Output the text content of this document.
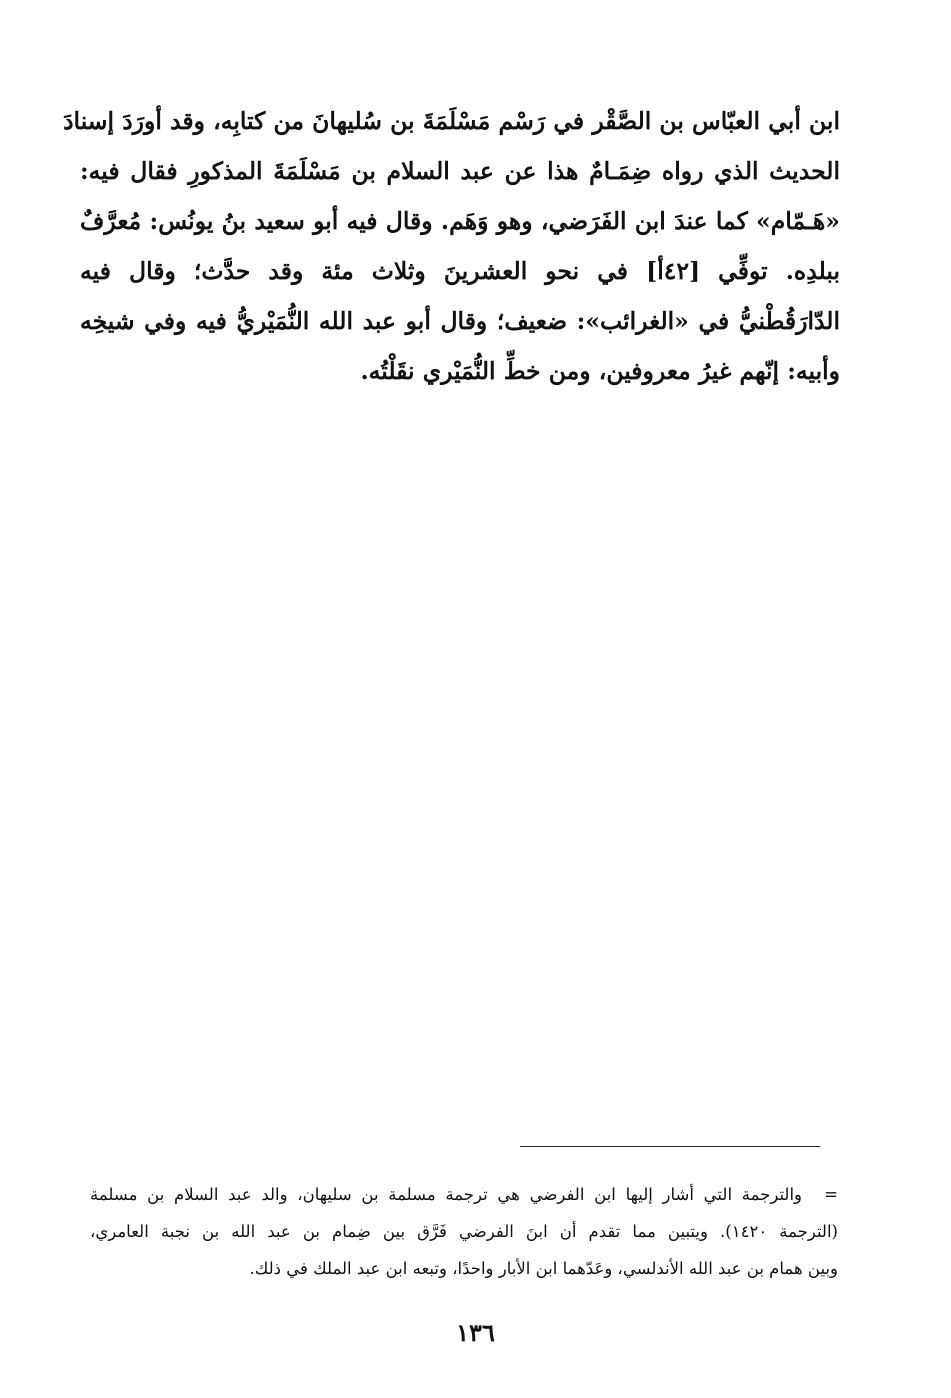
ابن أبي العبّاس بن الصَّقْر في رَسْم مَسْلَمَةَ بن سُليهانَ من كتابِه، وقد أورَدَ إسنادَ
الحديث الذي رواه ضِمَـامٌ هذا عن عبد السلام بن مَسْلَمَةَ المذكورِ فقال فيه:
«هَـمّام» كما عندَ ابن الفَرَضي، وهو وَهَم. وقال فيه أبو سعيد بنُ يونُس: مُعرَّفٌ
ببلدِه. توفِّي [٤٢أ] في نحو العشرينَ وثلاث مئة وقد حدَّث؛ وقال فيه
الدّارَقُطْنيُّ في «الغرائب»: ضعيف؛ وقال أبو عبد الله النُّمَيْريُّ فيه وفي شيخِه
وأبيه: إنّهم غيرُ معروفين، ومن خطِّ النُّمَيْري نقَلْتُه.
=والترجمة التي أشار إليها ابن الفرضي هي ترجمة مسلمة بن سليهان، والد عبد السلام بن مسلمة
(الترجمة ١٤٢٠). ويتبين مما تقدم أن ابنَ الفرضي فَرَّق بين ضِمام بن عبد الله بن نجبة العامري،
وبين همام بن عبد الله الأندلسي، وعَدّهما ابن الأبار واحدًا، وتبعه ابن عبد الملك في ذلك.
١٣٦
